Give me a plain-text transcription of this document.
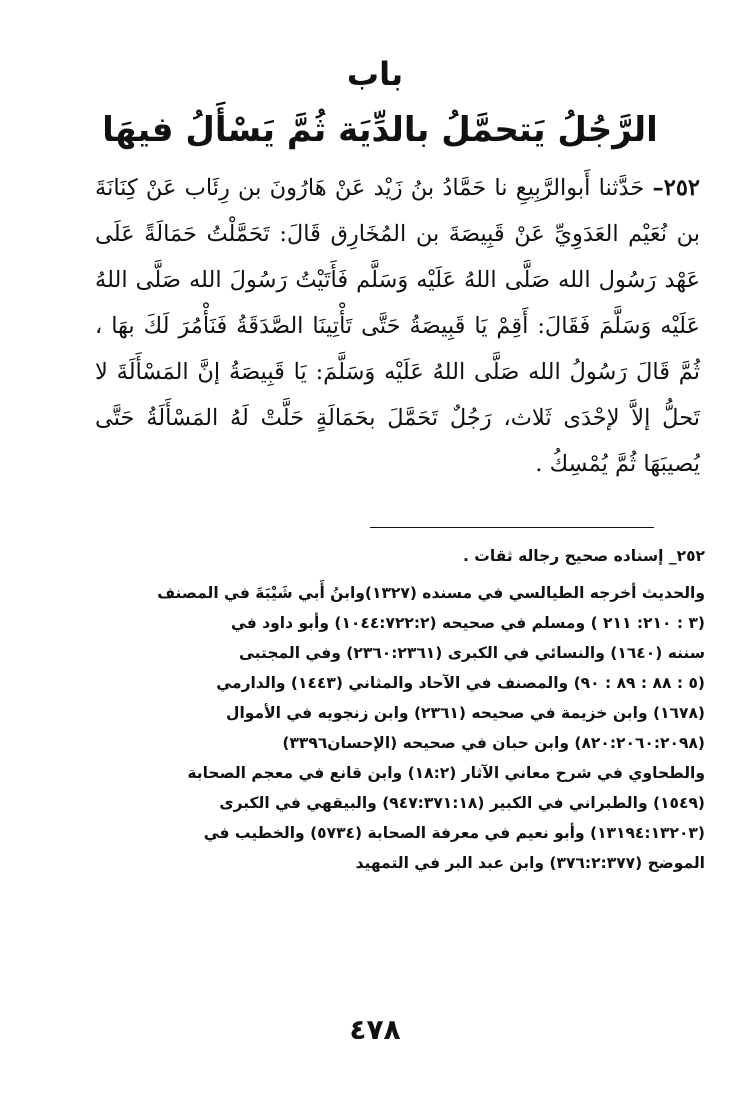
باب
الرَّجُلُ يَتحمَّلُ بالدِّيَة ثُمَّ يَسْأَلُ فيهَا

٢٥٢– حَدَّثنا أَبوالرَّبِيعِ نا حَمَّادُ بنُ زَيْد عَنْ هَارُونَ بن رِئَاب عَنْ كِنَانَةَ بن نُعَيْم العَدَوِيِّ عَنْ قَبِيصَةَ بن المُخَارِق قَالَ: تَحَمَّلْتُ حَمَالَةً عَلَى عَهْد رَسُول الله صَلَّى اللهُ عَلَيْه وَسَلَّم فَأَتَيْتُ رَسُولَ الله صَلَّى اللهُ عَلَيْه وَسَلَّمَ فَقَالَ: أَقِمْ يَا قَبِيصَةُ حَتَّى تَأْتِينَا الصَّدَقَةُ فَنَأْمُرَ لَكَ بهَا ، ثُمَّ قَالَ رَسُولُ الله صَلَّى اللهُ عَلَيْه وَسَلَّمَ: يَا قَبِيصَةُ إنَّ المَسْأَلَةَ لا تَحلُّ إلاَّ لإحْدَى ثَلاث، رَجُلٌ تَحَمَّلَ بحَمَالَةٍ حَلَّتْ لَهُ المَسْأَلَةُ حَتَّى يُصيبَهَا ثُمَّ يُمْسِكُ .

٢٥٢_ إسناده صحيح رجاله ثقات .

والحديث أخرجه الطيالسي في مسنده (١٣٢٧)وابنُ أَبي شَيْبَةَ في المصنف

(٣ : ٢١٠: ٢١١ ) ومسلم في صحيحه (١٠٤٤:٧٢٢:٢) وأبو داود في

سننه (١٦٤٠) والنسائي في الكبرى (٢٣٦٠:٢٣٦١) وفي المجتبى

(٥ : ٨٨ : ٨٩ : ٩٠) والمصنف في الآحاد والمثاني (١٤٤٣) والدارمي

(١٦٧٨) وابن خزيمة في صحيحه (٢٣٦١) وابن زنجويه في الأموال

(٨٢٠:٢٠٦٠:٢٠٩٨) وابن حبان في صحيحه (الإحسان٣٣٩٦)

والطحاوي في شرح معاني الآثار (١٨:٢) وابن قانع في معجم الصحابة

(١٥٤٩) والطبراني في الكبير (٩٤٧:٣٧١:١٨) والبيقهي في الكبرى

(١٣١٩٤:١٣٢٠٣) وأبو نعيم في معرفة الصحابة (٥٧٣٤) والخطيب في

الموضح (٣٧٦:٢:٣٧٧) وابن عبد البر في التمهيد

٤٧٨
